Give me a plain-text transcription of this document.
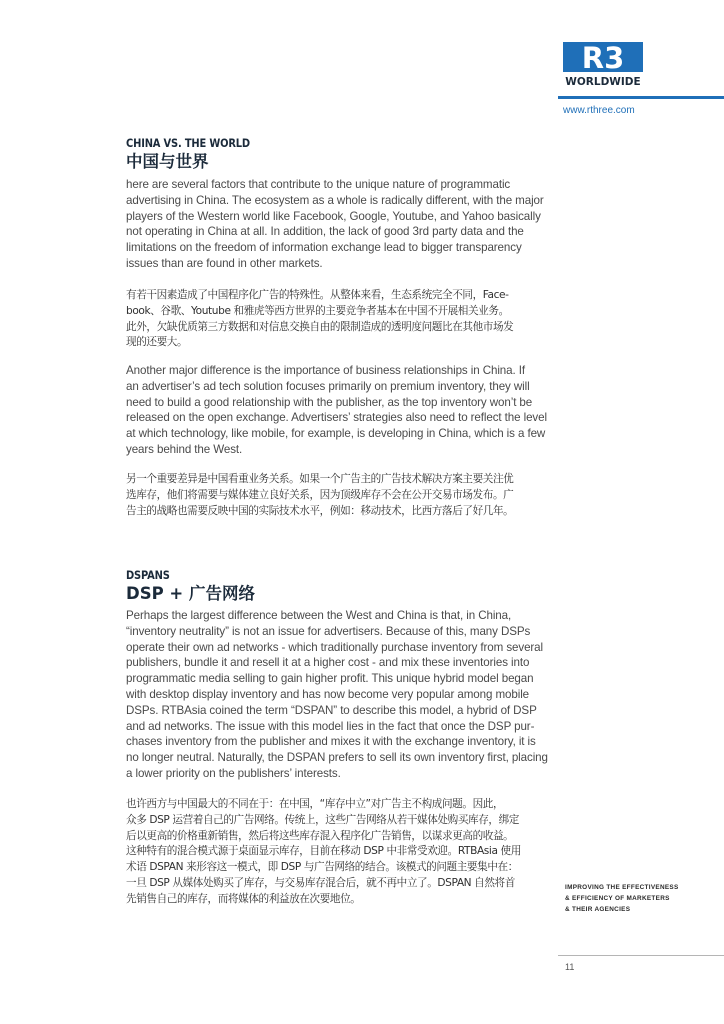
R3
WORLDWIDE
www.rthree.com
CHINA VS. THE WORLD
中国与世界

here are several factors that contribute to the unique nature of programmatic
advertising in China. The ecosystem as a whole is radically different, with the major
players of the Western world like Facebook, Google, Youtube, and Yahoo basically
not operating in China at all. In addition, the lack of good 3rd party data and the
limitations on the freedom of information exchange lead to bigger transparency
issues than are found in other markets.

有若干因素造成了中国程序化广告的特殊性。从整体来看，生态系统完全不同，Face-
book、谷歌、Youtube 和雅虎等西方世界的主要竞争者基本在中国不开展相关业务。
此外，欠缺优质第三方数据和对信息交换自由的限制造成的透明度问题比在其他市场发
现的还要大。

Another major difference is the importance of business relationships in China. If
an advertiser’s ad tech solution focuses primarily on premium inventory, they will
need to build a good relationship with the publisher, as the top inventory won’t be
released on the open exchange. Advertisers’ strategies also need to reflect the level
at which technology, like mobile, for example, is developing in China, which is a few
years behind the West.

另一个重要差异是中国看重业务关系。如果一个广告主的广告技术解决方案主要关注优
选库存，他们将需要与媒体建立良好关系，因为顶级库存不会在公开交易市场发布。广
告主的战略也需要反映中国的实际技术水平，例如：移动技术，比西方落后了好几年。

DSPANS
DSP + 广告网络

Perhaps the largest difference between the West and China is that, in China,
“inventory neutrality” is not an issue for advertisers. Because of this, many DSPs
operate their own ad networks - which traditionally purchase inventory from several
publishers, bundle it and resell it at a higher cost - and mix these inventories into
programmatic media selling to gain higher profit. This unique hybrid model began
with desktop display inventory and has now become very popular among mobile
DSPs. RTBAsia coined the term “DSPAN” to describe this model, a hybrid of DSP
and ad networks. The issue with this model lies in the fact that once the DSP pur-
chases inventory from the publisher and mixes it with the exchange inventory, it is
no longer neutral. Naturally, the DSPAN prefers to sell its own inventory first, placing
a lower priority on the publishers’ interests.

也许西方与中国最大的不同在于：在中国，“库存中立”对广告主不构成问题。因此，
众多 DSP 运营着自己的广告网络。传统上，这些广告网络从若干媒体处购买库存，绑定
后以更高的价格重新销售，然后将这些库存混入程序化广告销售，以谋求更高的收益。
这种特有的混合模式源于桌面显示库存，目前在移动 DSP 中非常受欢迎。RTBAsia 使用
术语 DSPAN 来形容这一模式，即 DSP 与广告网络的结合。该模式的问题主要集中在：
一旦 DSP 从媒体处购买了库存，与交易库存混合后，就不再中立了。DSPAN 自然将首
先销售自己的库存，而将媒体的利益放在次要地位。

IMPROVING THE EFFECTIVENESS
& EFFICIENCY OF MARKETERS
& THEIR AGENCIES
11
